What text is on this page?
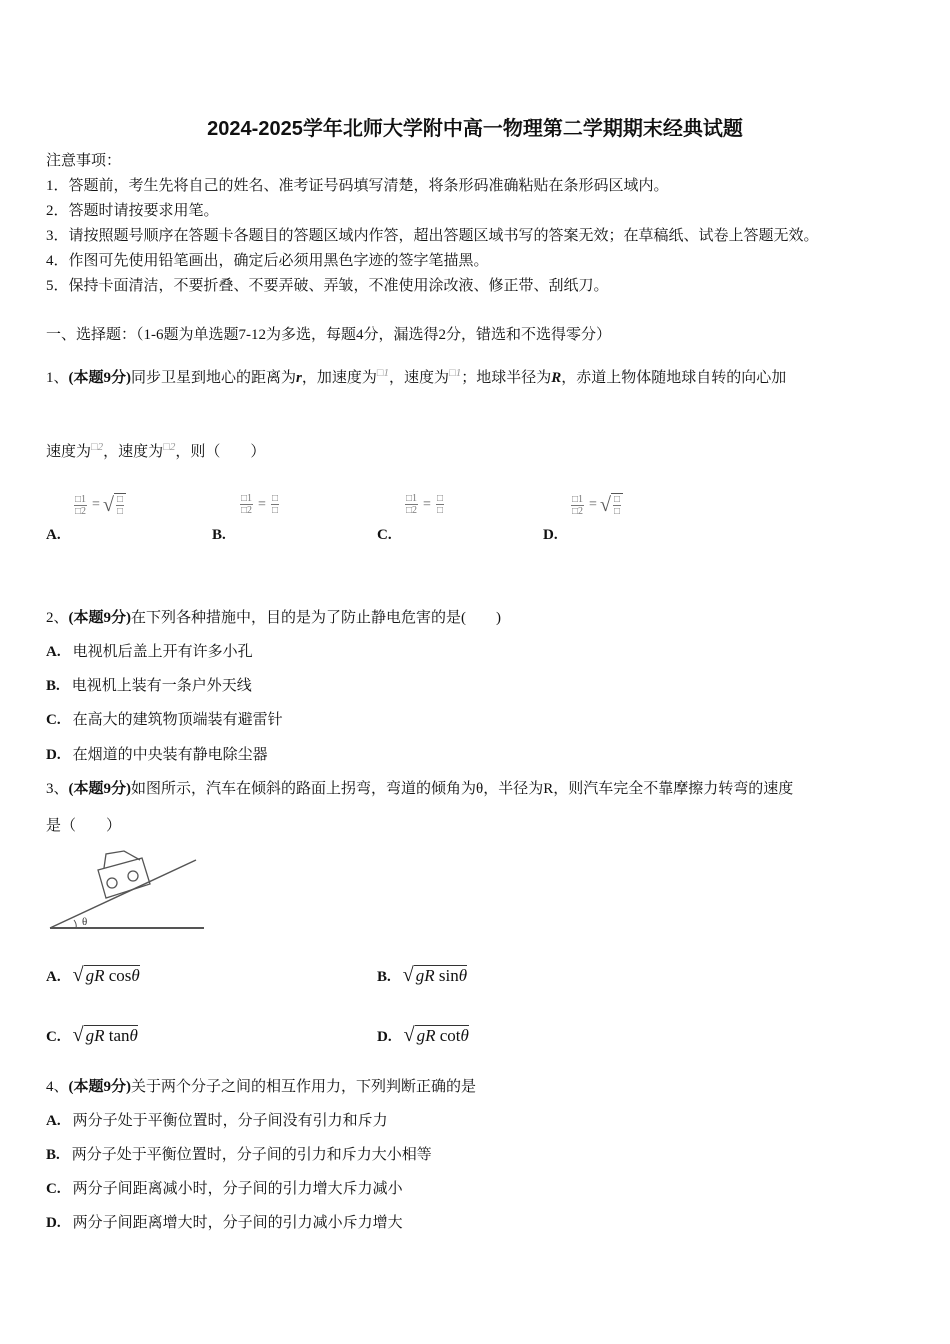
2024-2025学年北师大学附中高一物理第二学期期末经典试题
注意事项：
1．答题前，考生先将自己的姓名、准考证号码填写清楚，将条形码准确粘贴在条形码区域内。
2．答题时请按要求用笔。
3．请按照题号顺序在答题卡各题目的答题区域内作答，超出答题区域书写的答案无效；在草稿纸、试卷上答题无效。
4．作图可先使用铅笔画出，确定后必须用黑色字迹的签字笔描黑。
5．保持卡面清洁，不要折叠、不要弄破、弄皱，不准使用涂改液、修正带、刮纸刀。
一、选择题：（1-6题为单选题7-12为多选，每题4分，漏选得2分，错选和不选得零分）
1、(本题9分)同步卫星到地心的距离为r，加速度为$^{□1}$，速度为$^{□1}$；地球半径为R，赤道上物体随地球自转的向心加
速度为$^{□2}$，速度为$^{□2}$，则（　　）
A.
$\frac{□1}{□2}$ = √ □
□
B.
$\frac{□1}{□2}$ = □
□
C.
$\frac{□1}{□2}$ = □
□
D.
$\frac{□1}{□2}$ = √ □
□
2、(本题9分)在下列各种措施中，目的是为了防止静电危害的是(　　)
A. 电视机后盖上开有许多小孔
B. 电视机上装有一条户外天线
C. 在高大的建筑物顶端装有避雷针
D. 在烟道的中央装有静电除尘器
3、(本题9分)如图所示，汽车在倾斜的路面上拐弯，弯道的倾角为θ，半径为R，则汽车完全不靠摩擦力转弯的速度
是（　　）
θ
A. √ gR cosθ	B. √ gR sinθ
C. √ gR tanθ	D. √ gR cotθ
4、(本题9分)关于两个分子之间的相互作用力，下列判断正确的是
A. 两分子处于平衡位置时，分子间没有引力和斥力
B. 两分子处于平衡位置时，分子间的引力和斥力大小相等
C. 两分子间距离减小时，分子间的引力增大斥力减小
D. 两分子间距离增大时，分子间的引力减小斥力增大
